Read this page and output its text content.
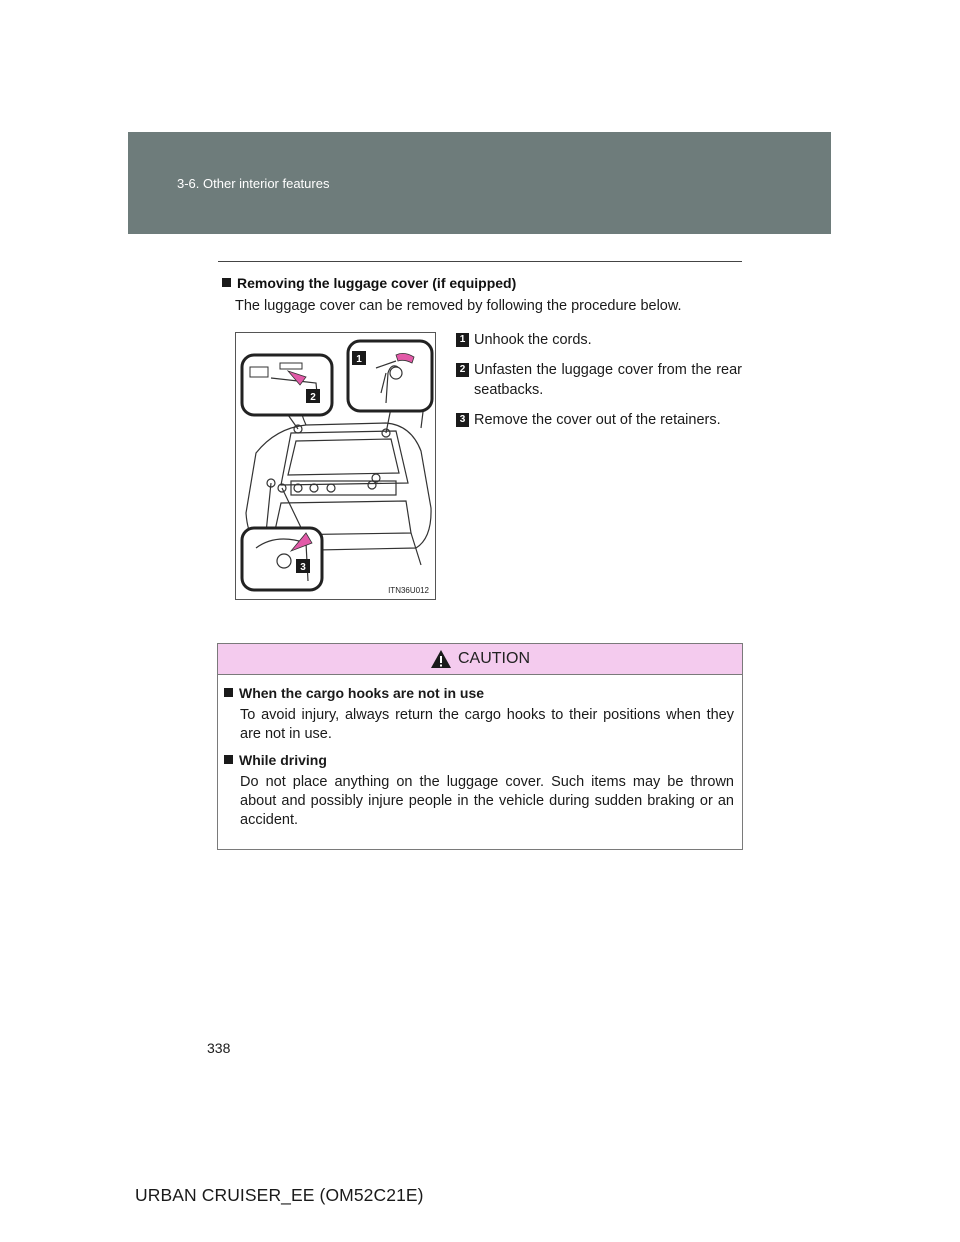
3-6. Other interior features
Removing the luggage cover (if equipped)
The luggage cover can be removed by following the procedure below.
1
2
3
ITN36U012
1 Unhook the cords.
2 Unfasten the luggage cover from the rear seatbacks.
3 Remove the cover out of the retainers.
CAUTION
When the cargo hooks are not in use
To avoid injury, always return the cargo hooks to their positions when they are not in use.
While driving
Do not place anything on the luggage cover. Such items may be thrown about and possibly injure people in the vehicle during sudden braking or an accident.
338
URBAN CRUISER_EE (OM52C21E)
